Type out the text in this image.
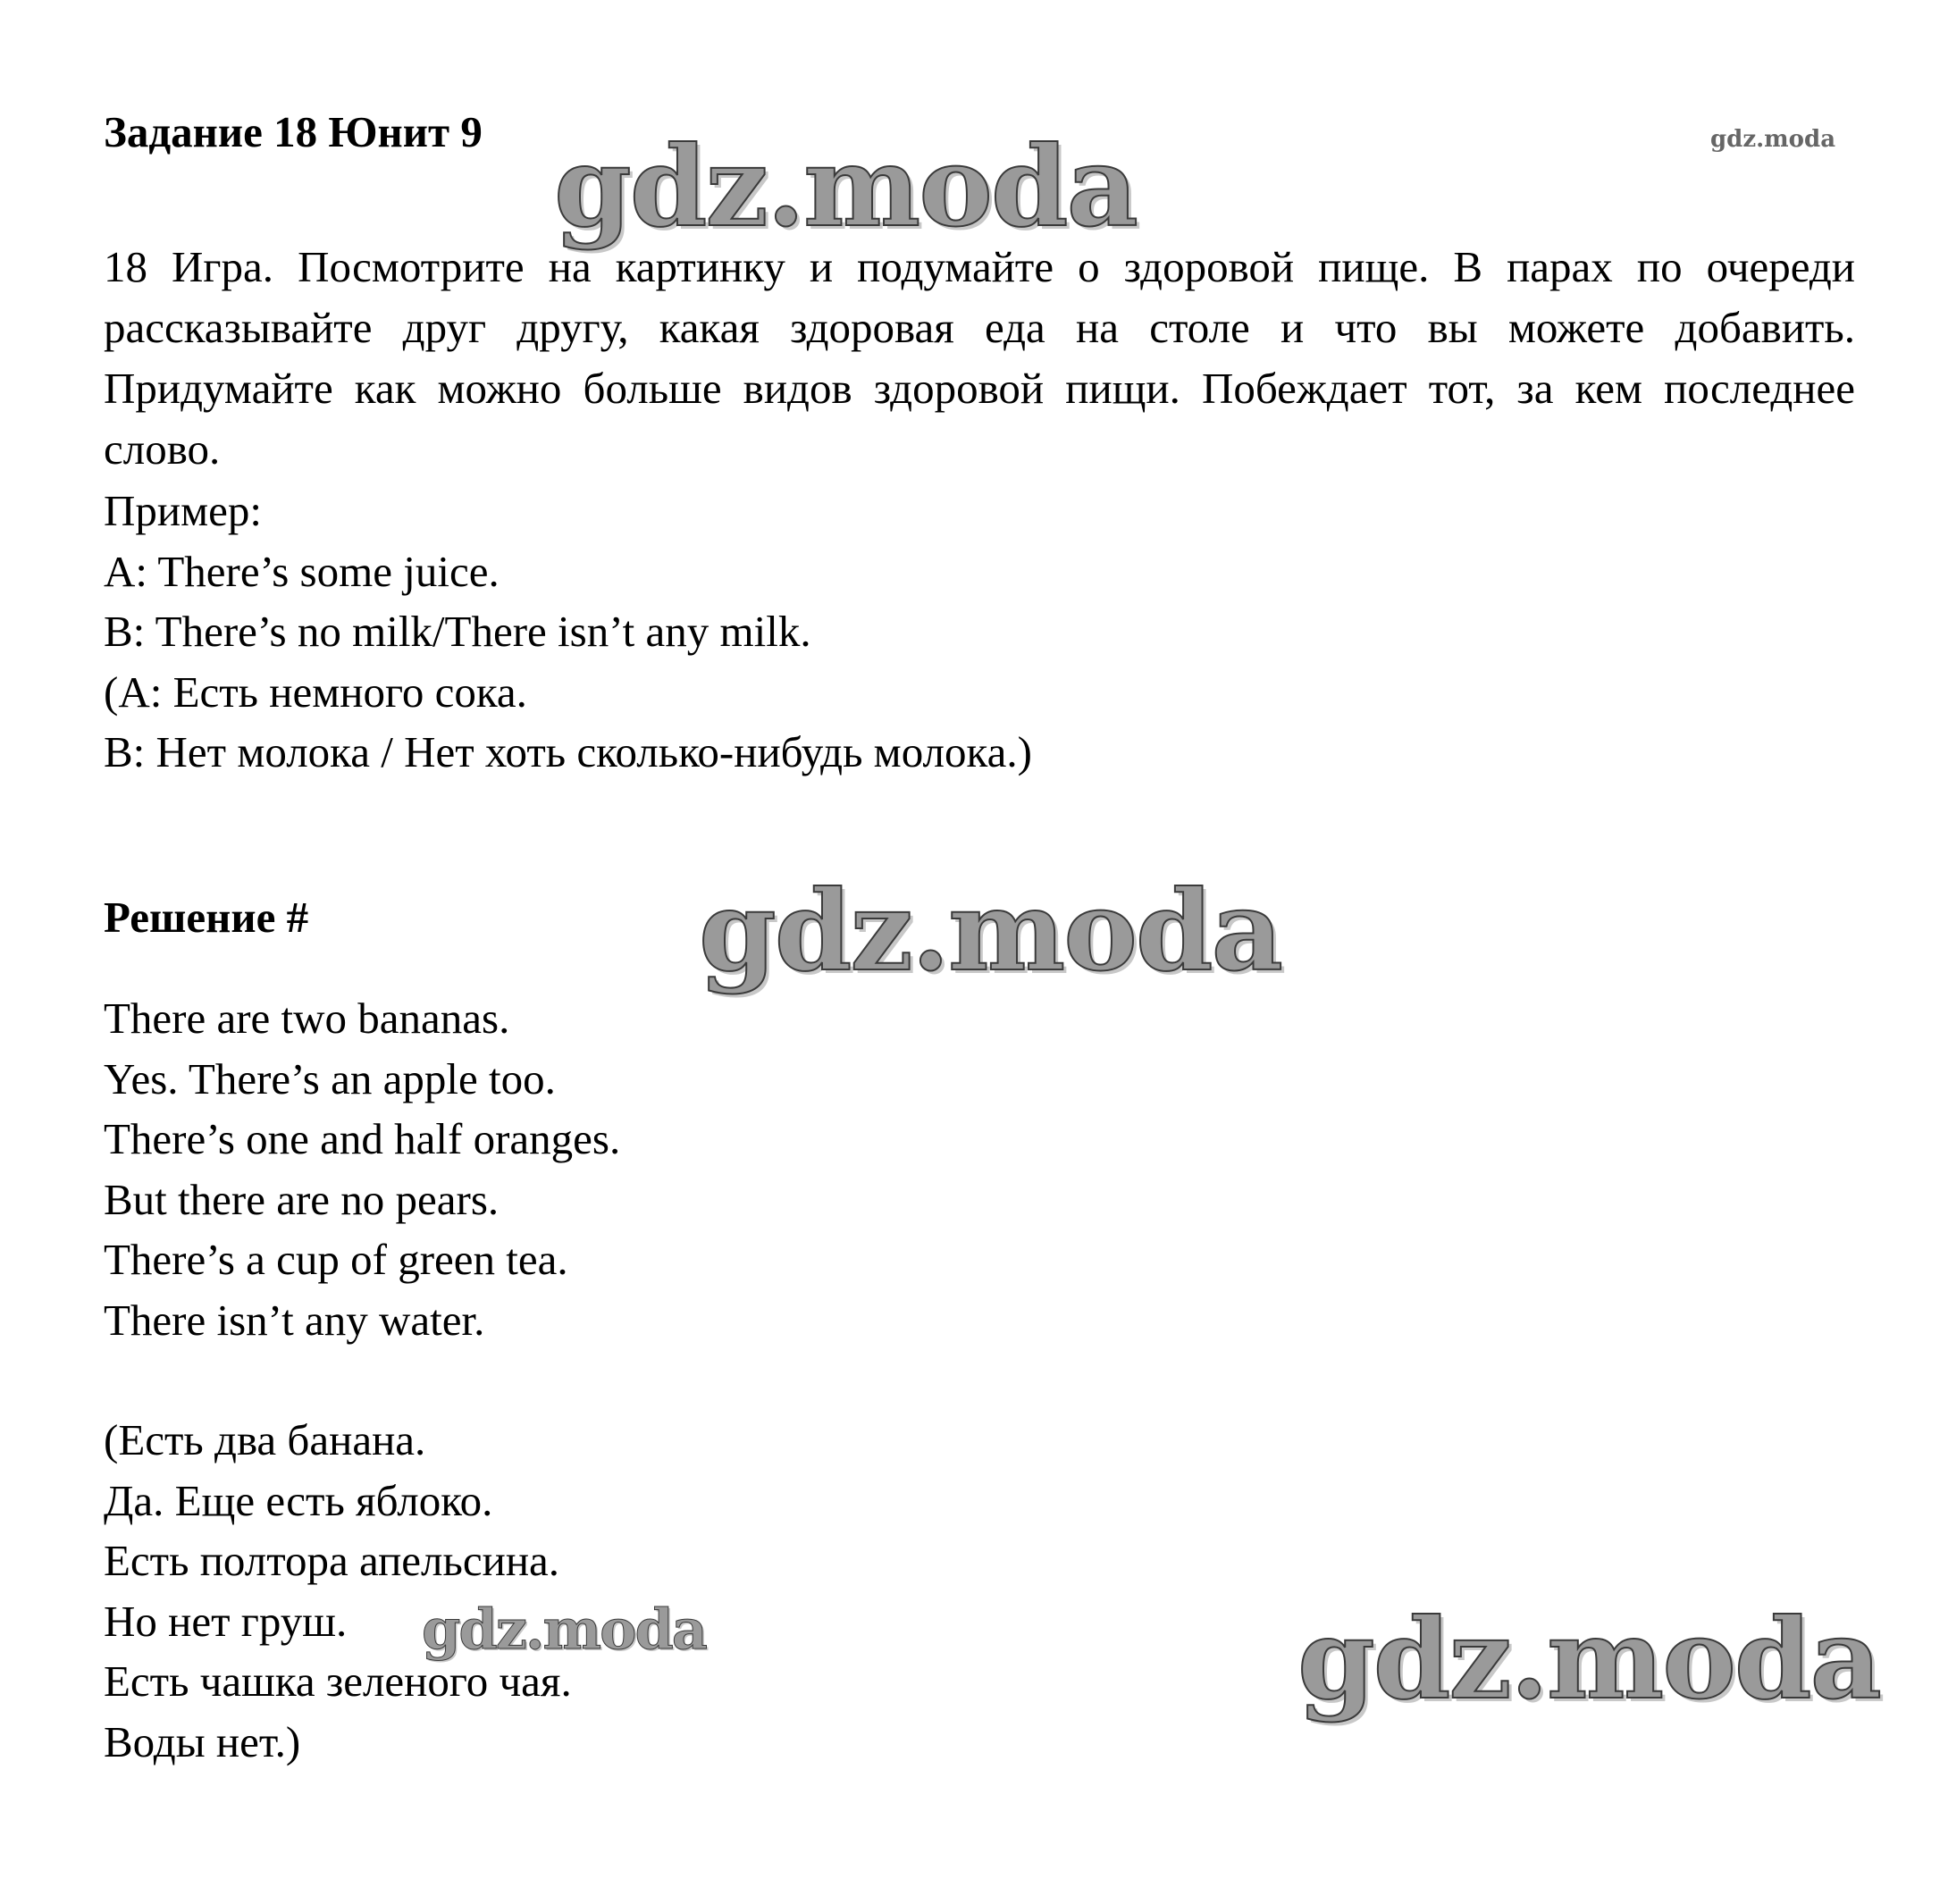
Задание 18 Юнит 9
18 Игра. Посмотрите на картинку и подумайте о здоровой пище. В парах по очереди рассказывайте друг другу, какая здоровая еда на столе и что вы можете добавить. Придумайте как можно больше видов здоровой пищи. Побеждает тот, за кем последнее слово.
Пример:
A: There’s some juice.
B: There’s no milk/There isn’t any milk.
(A: Есть немного сока.
B: Нет молока / Нет хоть сколько-нибудь молока.)
Решение #
There are two bananas.
Yes. There’s an apple too.
There’s one and half oranges.
But there are no pears.
There’s a cup of green tea.
There isn’t any water.
(Есть два банана.
Да. Еще есть яблоко.
Есть полтора апельсина.
Но нет груш.
Есть чашка зеленого чая.
Воды нет.)
gdz.moda
gdz.moda
gdz.moda
gdz.moda	gdz.moda
